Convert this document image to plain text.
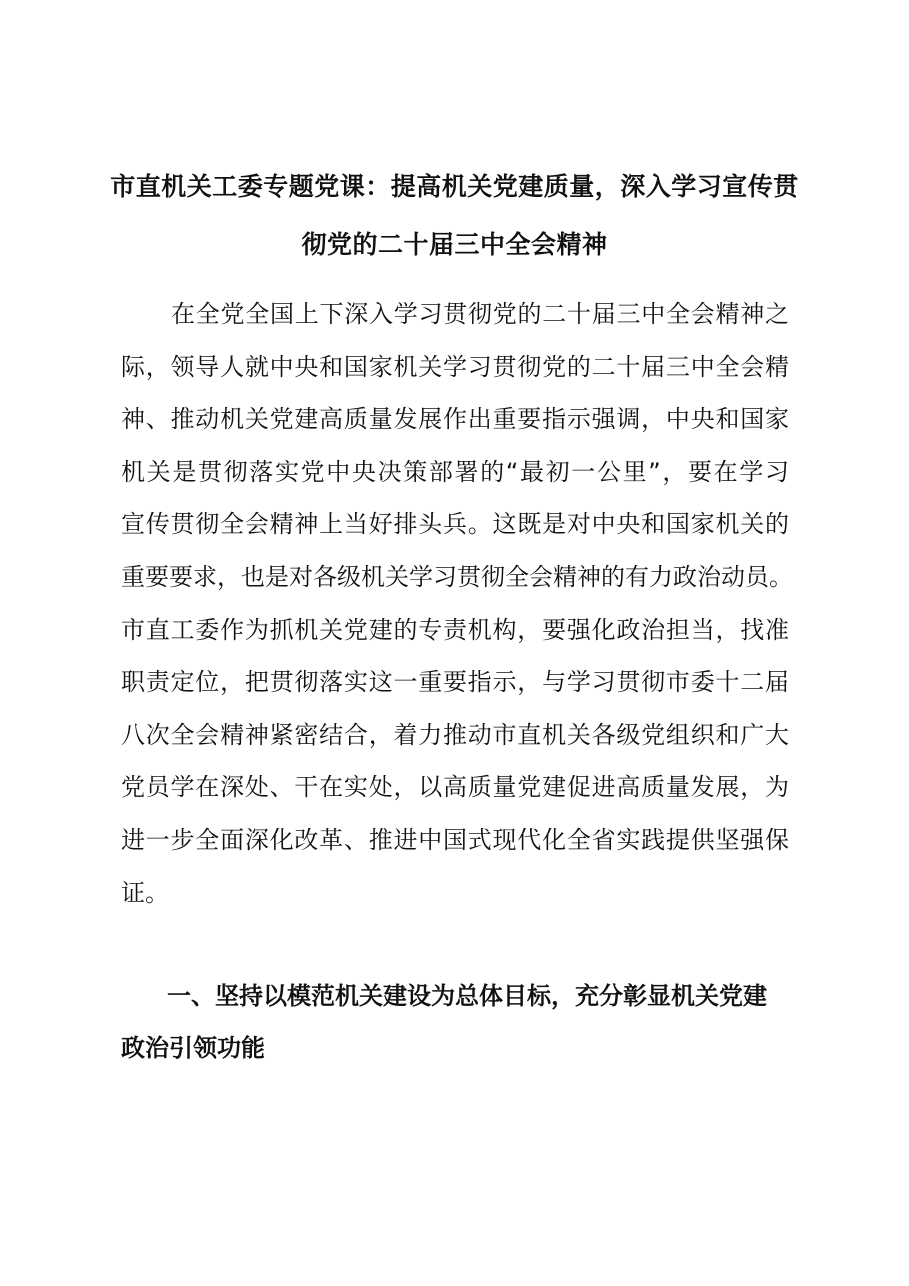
市直机关工委专题党课：提高机关党建质量，深入学习宣传贯
彻党的二十届三中全会精神

在全党全国上下深入学习贯彻党的二十届三中全会精神之
际，领导人就中央和国家机关学习贯彻党的二十届三中全会精
神、推动机关党建高质量发展作出重要指示强调，中央和国家
机关是贯彻落实党中央决策部署的“最初一公里”，要在学习
宣传贯彻全会精神上当好排头兵。这既是对中央和国家机关的
重要要求，也是对各级机关学习贯彻全会精神的有力政治动员。
市直工委作为抓机关党建的专责机构，要强化政治担当，找准
职责定位，把贯彻落实这一重要指示，与学习贯彻市委十二届
八次全会精神紧密结合，着力推动市直机关各级党组织和广大
党员学在深处、干在实处，以高质量党建促进高质量发展，为
进一步全面深化改革、推进中国式现代化全省实践提供坚强保
证。

一、坚持以模范机关建设为总体目标，充分彰显机关党建
政治引领功能
